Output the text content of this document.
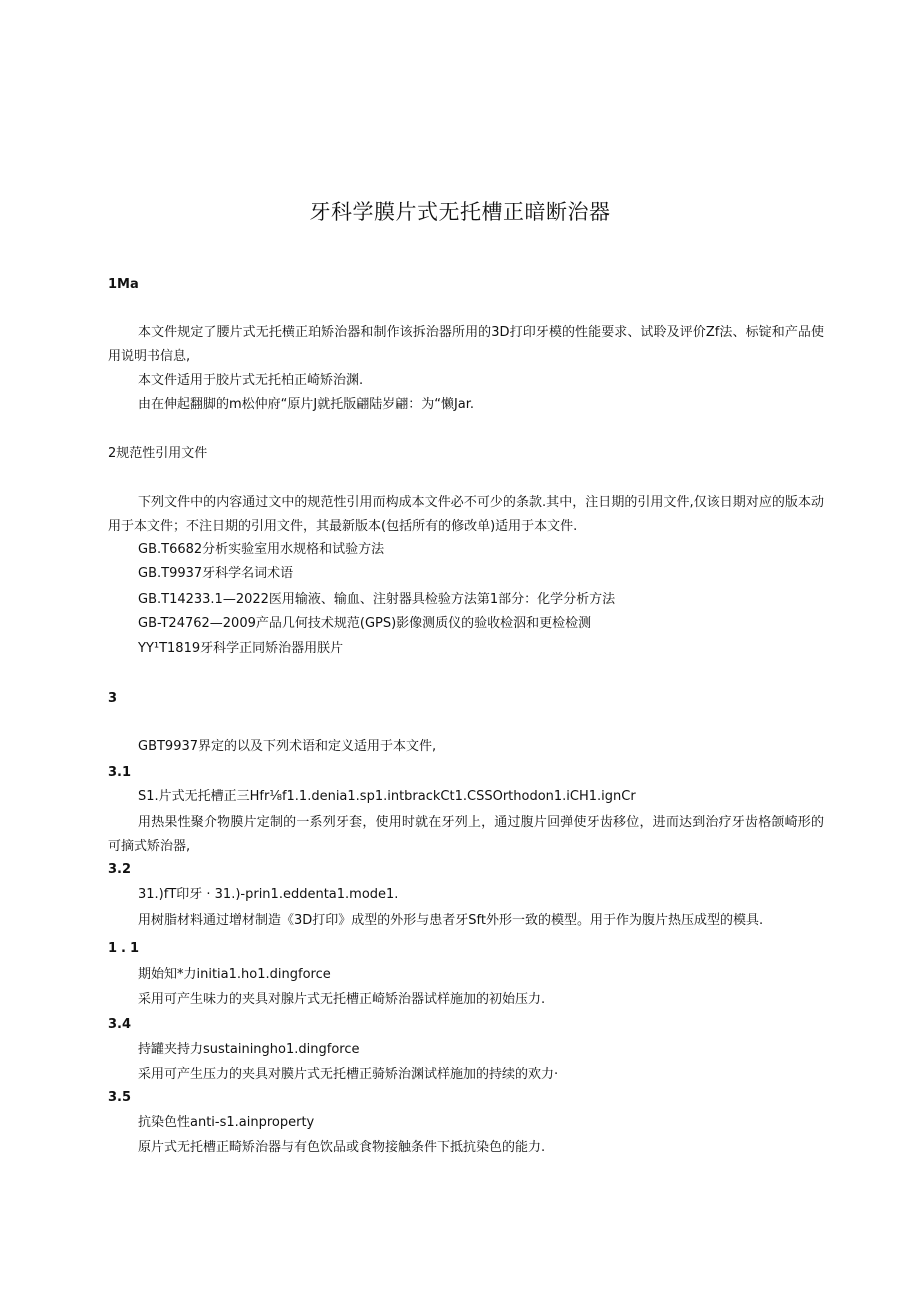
牙科学膜片式无托槽正暗断治器
1Ma
本文件规定了腰片式无托横正珀矫治器和制作该拆治器所用的3D打印牙模的性能要求、试聆及评价Zf法、标锭和产品使用说明书信息,
本文件适用于胶片式无托柏正崎矫治渊.
由在伸起翻脚的m松仲府“原片J就托版翩陆岁翩：为“懒Jar.
2规范性引用文件
下列文件中的内容通过文中的规范性引用而构成本文件必不可少的条款.其中，注日期的引用文件,仅该日期对应的版本动用于本文件；不注日期的引用文件，其最新版本(包括所有的修改单)适用于本文件.
GB.T6682分析实验室用水规格和试验方法
GB.T9937牙科学名词术语
GB.T14233.1—2022医用输液、输血、注射器具检验方法第1部分：化学分析方法
GB-T24762—2009产品几何技术规范(GPS)影像测质仪的验收检泅和更检检测
YY¹T1819牙科学正同矫治器用朕片
3
GBT9937界定的以及下列术语和定义适用于本文件,
3.1
S1.片式无托槽正三Hfr⅛f1.1.denia1.sp1.intbrackCt1.CSSOrthodon1.iCH1.ignCr
用热果性聚介物膜片定制的一系列牙套，使用时就在牙列上，通过腹片回弹使牙齿移位，进而达到治疗牙齿格颌崎形的可摘式矫治器,
3.2
31.)fT印牙 · 31.)-prin1.eddenta1.mode1.
用树脂材料通过增材制造《3D打印》成型的外形与患者牙Sft外形一致的模型。用于作为腹片热压成型的模具.
1.1
期始知*力initia1.ho1.dingforce
采用可产生味力的夹具对腺片式无托槽正崎矫治器试样施加的初始压力.
3.4
持罐夹持力sustainingho1.dingforce
采用可产生压力的夹具对膜片式无托槽正骑矫治渊试样施加的持续的欢力·
3.5
抗染色性anti-s1.ainproperty
原片式无托槽正畸矫治器与有色饮品或食物接触条件下抵抗染色的能力.
